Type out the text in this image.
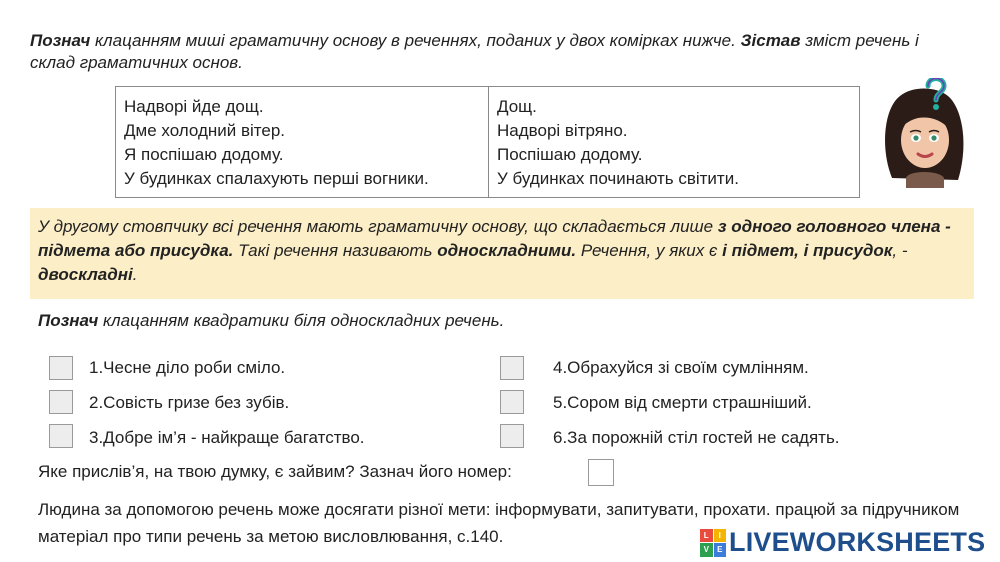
Познач клацанням миші граматичну основу в реченнях, поданих у двох комірках нижче. Зістав зміст речень і склад граматичних основ.
Надворі йде дощ.
Дме холодний вітер.
Я поспішаю додому.
У будинках спалахують перші вогники.

Дощ.
Надворі вітряно.
Поспішаю додому.
У будинках починають світити.
У другому стовпчику всі речення мають граматичну основу, що складається лише з одного головного члена - підмета або присудка. Такі речення називають односкладними. Речення, у яких є і підмет, і присудок, - двоскладні.
Познач клацанням квадратики біля односкладних речень.
1.Чесне діло роби сміло.
2.Совість гризе без зубів.
3.Добре ім’я - найкраще багатство.
4.Обрахуйся зі своїм сумлінням.
5.Сором від смерти страшніший.
6.За порожній стіл гостей не садять.
Яке прислів’я, на твою думку, є зайвим? Зазнач його номер:
Людина за допомогою речень може досягати різної мети: інформувати, запитувати, прохати. працюй за підручником матеріал про типи речень за метою висловлювання, с.140.	L	I
V	E LIVEWORKSHEETS
